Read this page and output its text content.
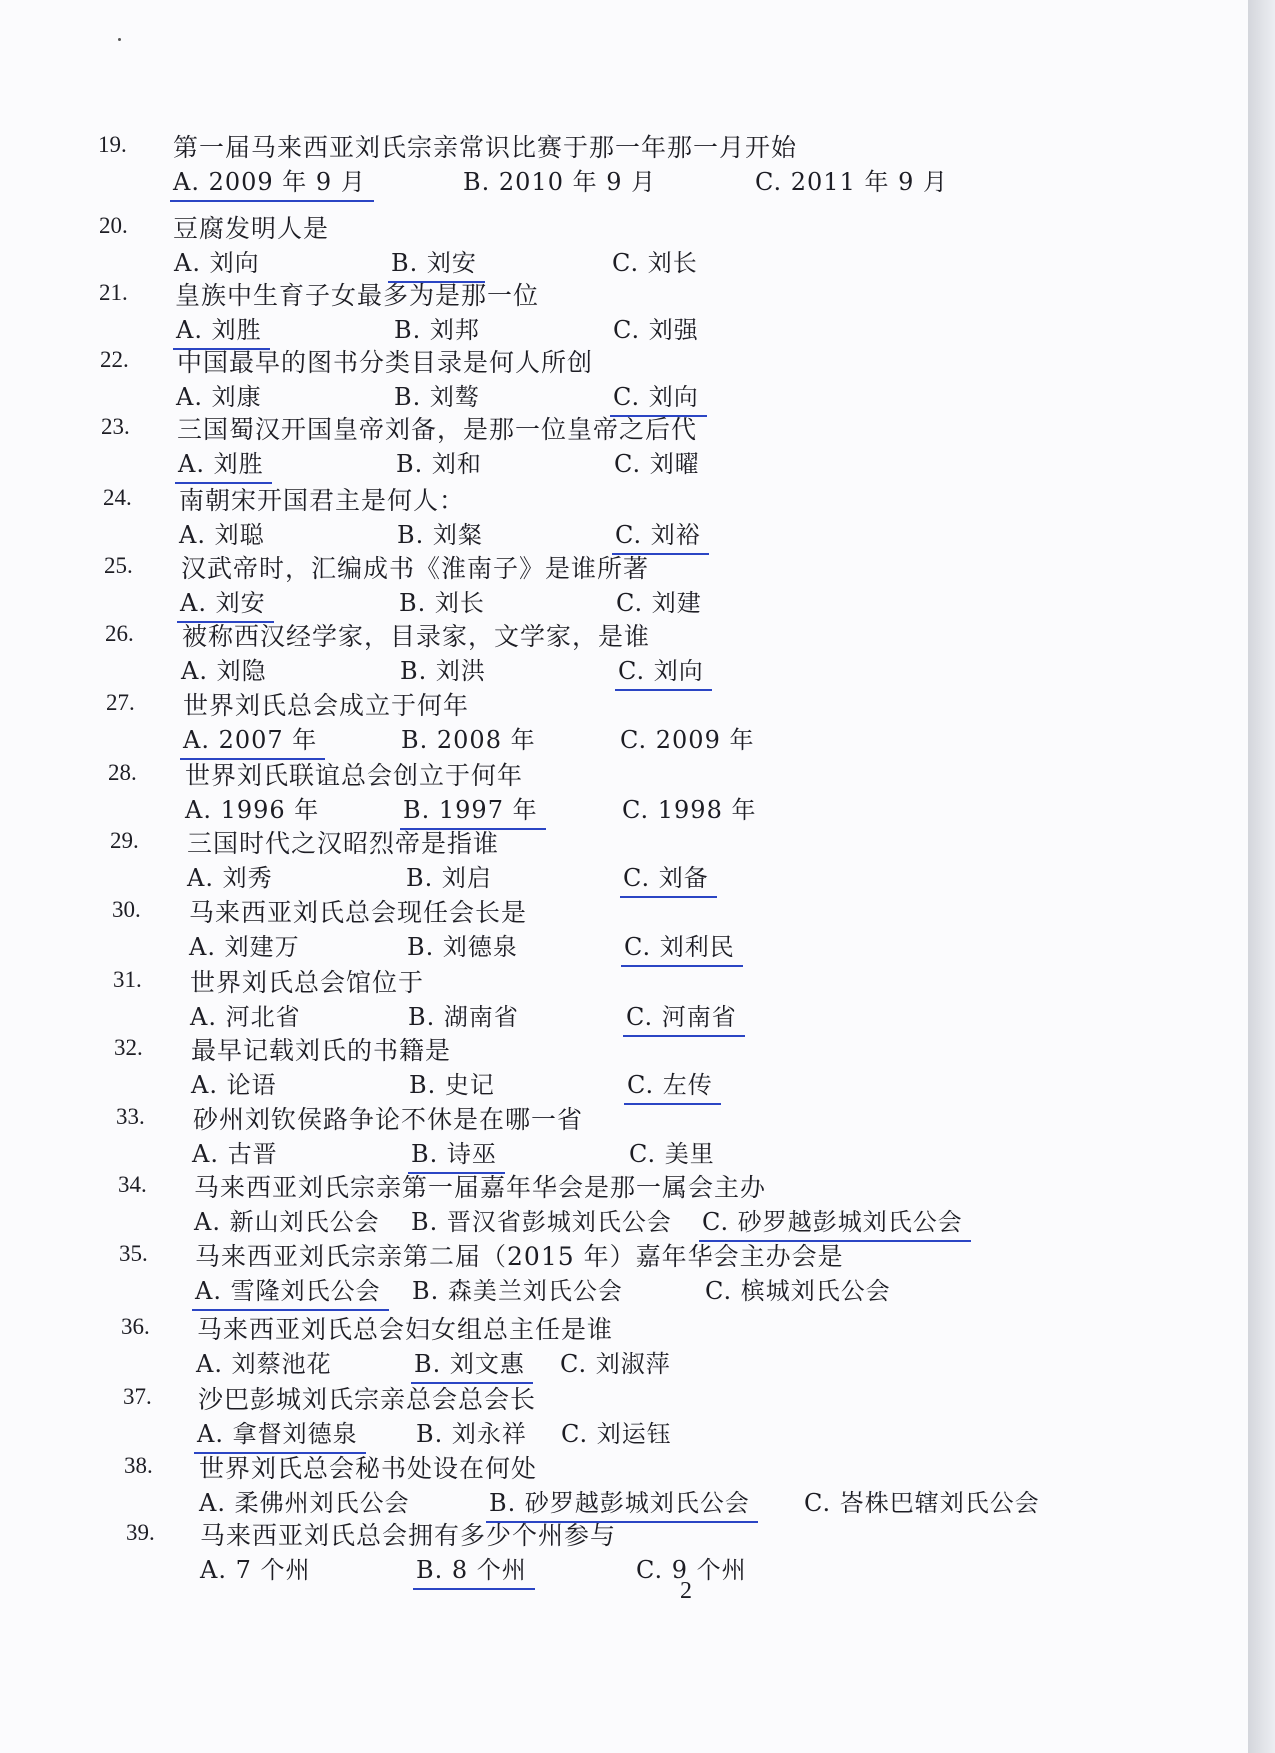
19.	第一届马来西亚刘氏宗亲常识比赛于那一年那一月开始
A. 2009 年 9 月	B. 2010 年 9 月	C. 2011 年 9 月
20.	豆腐发明人是
A. 刘向	B. 刘安	C. 刘长
21.	皇族中生育子女最多为是那一位
A. 刘胜	B. 刘邦	C. 刘强
22.	中国最早的图书分类目录是何人所创
A. 刘康	B. 刘骜	C. 刘向
23.	三国蜀汉开国皇帝刘备，是那一位皇帝之后代
A. 刘胜	B. 刘和	C. 刘曜
24.	南朝宋开国君主是何人：
A. 刘聪	B. 刘粲	C. 刘裕
25.	汉武帝时，汇编成书《淮南子》是谁所著
A. 刘安	B. 刘长	C. 刘建
26.	被称西汉经学家，目录家，文学家，是谁
A. 刘隐	B. 刘洪	C. 刘向
27.	世界刘氏总会成立于何年
A. 2007 年	B. 2008 年	C. 2009 年
28.	世界刘氏联谊总会创立于何年
A. 1996 年	B. 1997 年	C. 1998 年
29.	三国时代之汉昭烈帝是指谁
A. 刘秀	B. 刘启	C. 刘备
30.	马来西亚刘氏总会现任会长是
A. 刘建万	B. 刘德泉	C. 刘利民
31.	世界刘氏总会馆位于
A. 河北省	B. 湖南省	C. 河南省
32.	最早记载刘氏的书籍是
A. 论语	B. 史记	C. 左传
33.	砂州刘钦侯路争论不休是在哪一省
A. 古晋	B. 诗巫	C. 美里
34.	马来西亚刘氏宗亲第一届嘉年华会是那一属会主办
A. 新山刘氏公会 B. 晋汉省彭城刘氏公会 C. 砂罗越彭城刘氏公会
35.	马来西亚刘氏宗亲第二届（2015 年）嘉年华会主办会是
A. 雪隆刘氏公会	B. 森美兰刘氏公会	C. 槟城刘氏公会
36.	马来西亚刘氏总会妇女组总主任是谁
A. 刘蔡池花	B. 刘文惠	C. 刘淑萍
37.	沙巴彭城刘氏宗亲总会总会长
A. 拿督刘德泉	B. 刘永祥 C. 刘运钰
38.	世界刘氏总会秘书处设在何处
A. 柔佛州刘氏公会	B. 砂罗越彭城刘氏公会	C. 峇株巴辖刘氏公会
39.	马来西亚刘氏总会拥有多少个州参与
A. 7 个州	B. 8 个州	C. 9 个州
2
